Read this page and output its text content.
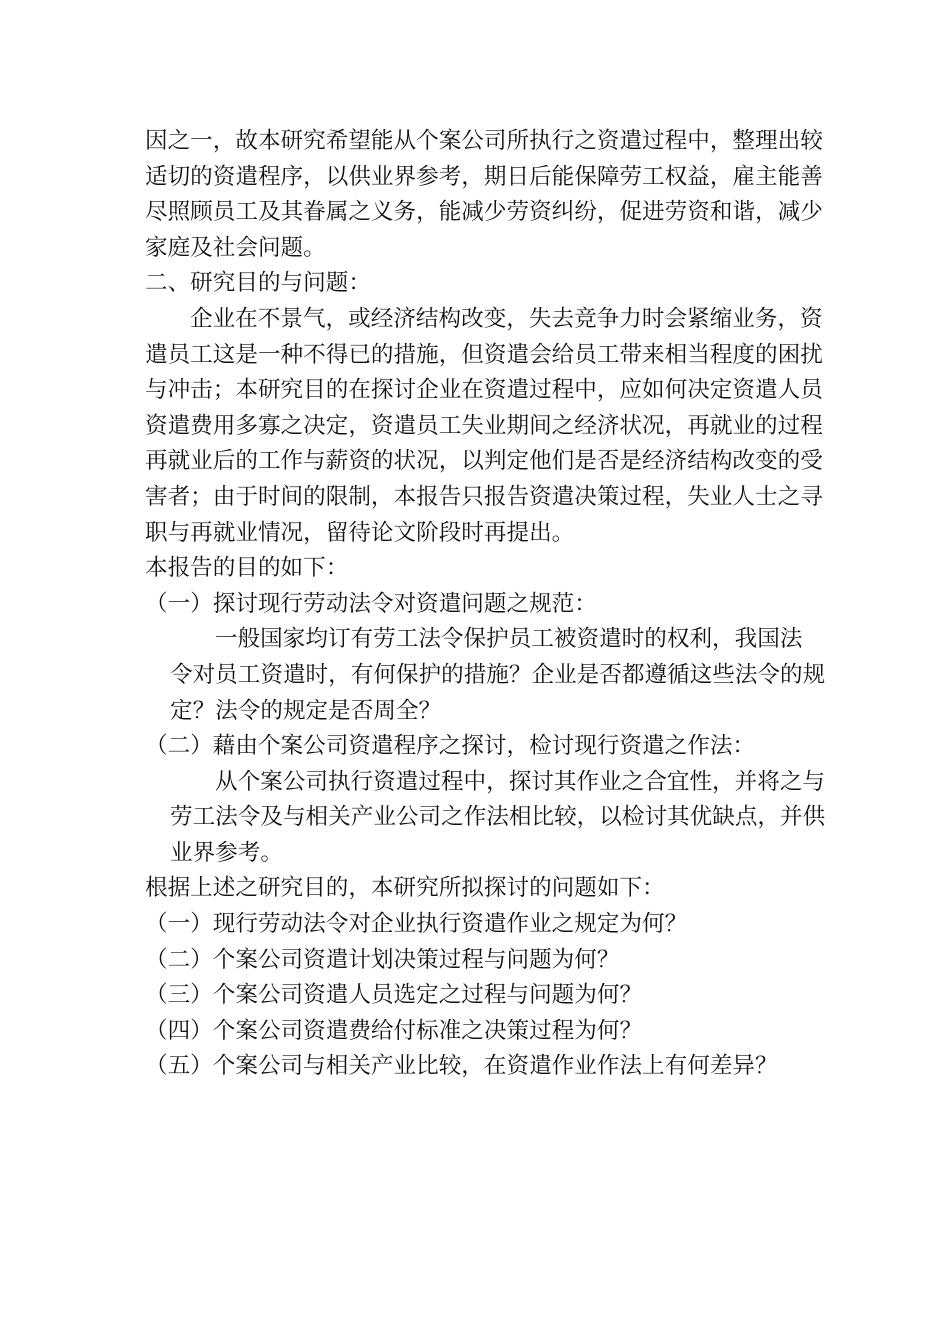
因之一，故本研究希望能从个案公司所执行之资遣过程中，整理出较
适切的资遣程序，以供业界参考，期日后能保障劳工权益，雇主能善
尽照顾员工及其眷属之义务，能减少劳资纠纷，促进劳资和谐，减少
家庭及社会问题。
二、研究目的与问题：
企业在不景气，或经济结构改变，失去竞争力时会紧缩业务，资
遣员工这是一种不得已的措施，但资遣会给员工带来相当程度的困扰
与冲击；本研究目的在探讨企业在资遣过程中，应如何决定资遣人员
资遣费用多寡之决定，资遣员工失业期间之经济状况，再就业的过程
再就业后的工作与薪资的状况，以判定他们是否是经济结构改变的受
害者；由于时间的限制，本报告只报告资遣决策过程，失业人士之寻
职与再就业情况，留待论文阶段时再提出。
本报告的目的如下：
（一）探讨现行劳动法令对资遣问题之规范：
一般国家均订有劳工法令保护员工被资遣时的权利，我国法
令对员工资遣时，有何保护的措施？企业是否都遵循这些法令的规
定？法令的规定是否周全？
（二）藉由个案公司资遣程序之探讨，检讨现行资遣之作法：
从个案公司执行资遣过程中，探讨其作业之合宜性，并将之与
劳工法令及与相关产业公司之作法相比较，以检讨其优缺点，并供
业界参考。
根据上述之研究目的，本研究所拟探讨的问题如下：
（一）现行劳动法令对企业执行资遣作业之规定为何？
（二）个案公司资遣计划决策过程与问题为何？
（三）个案公司资遣人员选定之过程与问题为何？
（四）个案公司资遣费给付标准之决策过程为何？
（五）个案公司与相关产业比较，在资遣作业作法上有何差异？
